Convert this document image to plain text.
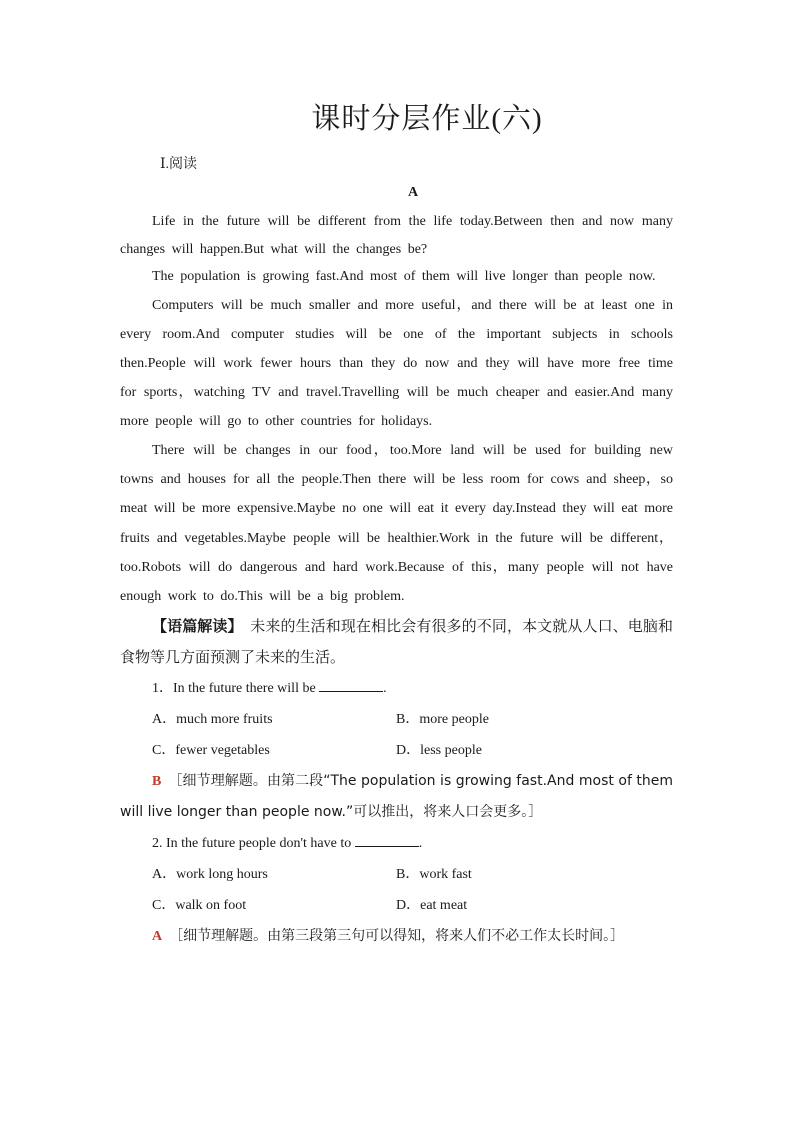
课时分层作业(六)
Ⅰ.阅读
A

Life in the future will be different from the life today.Between then and now many changes will happen.But what will the changes be?

The population is growing fast.And most of them will live longer than people now.

Computers will be much smaller and more useful，and there will be at least one in every room.And computer studies will be one of the important subjects in schools then.People will work fewer hours than they do now and they will have more free time for sports，watching TV and travel.Travelling will be much cheaper and easier.And many more people will go to other countries for holidays.

There will be changes in our food，too.More land will be used for building new towns and houses for all the people.Then there will be less room for cows and sheep，so meat will be more expensive.Maybe no one will eat it every day.Instead they will eat more fruits and vegetables.Maybe people will be healthier.Work in the future will be different，too.Robots will do dangerous and hard work.Because of this，many people will not have enough work to do.This will be a big problem.

【语篇解读】　 未来的生活和现在相比会有很多的不同，本文就从人口、电脑和食物等几方面预测了未来的生活。

1．In the future there will be	.

A．much more fruits	B．more people
C．fewer vegetables	D．less people

B　 ［细节理解题。由第二段“The population is growing fast.And most of them will live longer than people now.”可以推出，将来人口会更多。］

2. In the future people don't have to	.

A．work long hours	B．work fast
C．walk on foot	D．eat meat

A　 ［细节理解题。由第三段第三句可以得知，将来人们不必工作太长时间。］
